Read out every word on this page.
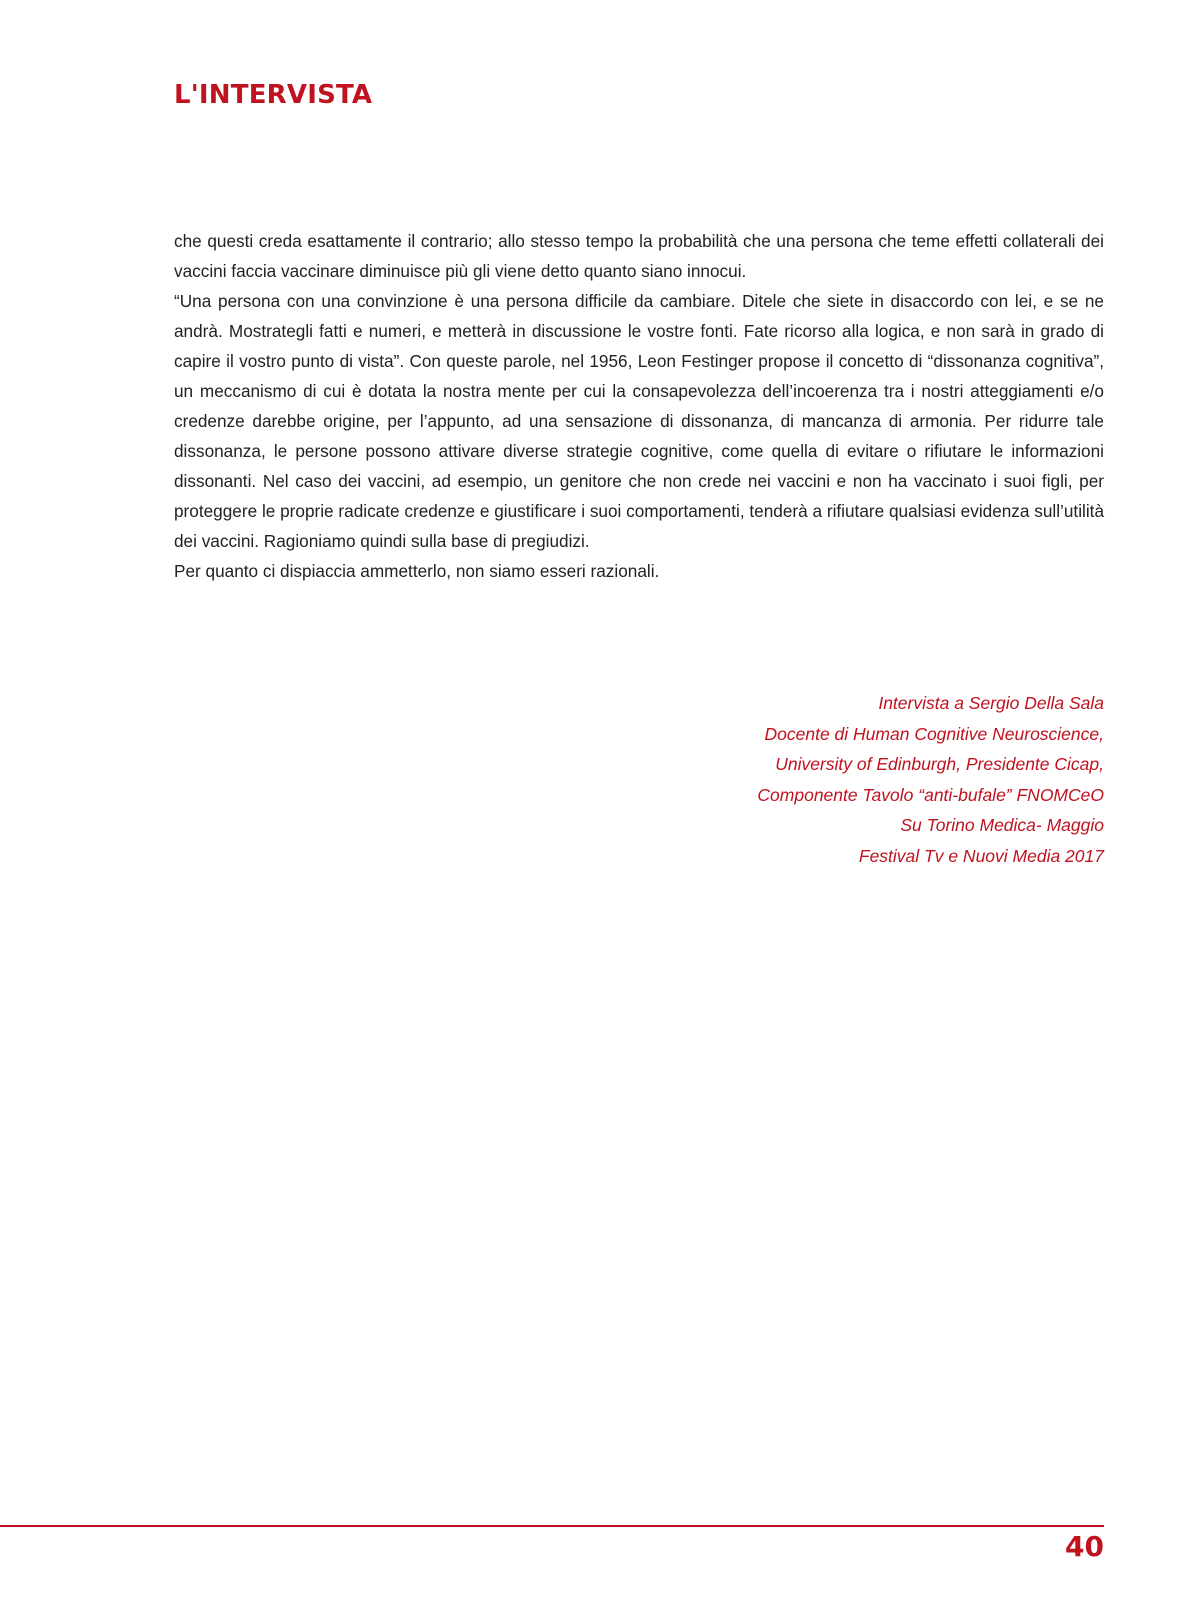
L'INTERVISTA

che questi creda esattamente il contrario; allo stesso tempo la probabilità che una persona che teme effetti collaterali dei vaccini faccia vaccinare diminuisce più gli viene detto quanto siano innocui.

“Una persona con una convinzione è una persona difficile da cambiare. Ditele che siete in disaccordo con lei, e se ne andrà. Mostrategli fatti e numeri, e metterà in discussione le vostre fonti. Fate ricorso alla logica, e non sarà in grado di capire il vostro punto di vista”. Con queste parole, nel 1956, Leon Festinger propose il concetto di “dissonanza cognitiva”, un meccanismo di cui è dotata la nostra mente per cui la consapevolezza dell’incoerenza tra i nostri atteggiamenti e/o credenze darebbe origine, per l’appunto, ad una sensazione di dissonanza, di mancanza di armonia. Per ridurre tale dissonanza, le persone possono attivare diverse strategie cognitive, come quella di evitare o rifiutare le informazioni dissonanti. Nel caso dei vaccini, ad esempio, un genitore che non crede nei vaccini e non ha vaccinato i suoi figli, per proteggere le proprie radicate credenze e giustificare i suoi comportamenti, tenderà a rifiutare qualsiasi evidenza sull’utilità dei vaccini. Ragioniamo quindi sulla base di pregiudizi.

Per quanto ci dispiaccia ammetterlo, non siamo esseri razionali.

Intervista a Sergio Della Sala
Docente di Human Cognitive Neuroscience,
University of Edinburgh, Presidente Cicap,
Componente Tavolo “anti-bufale” FNOMCeO
Su Torino Medica- Maggio
Festival Tv e Nuovi Media 2017
40
